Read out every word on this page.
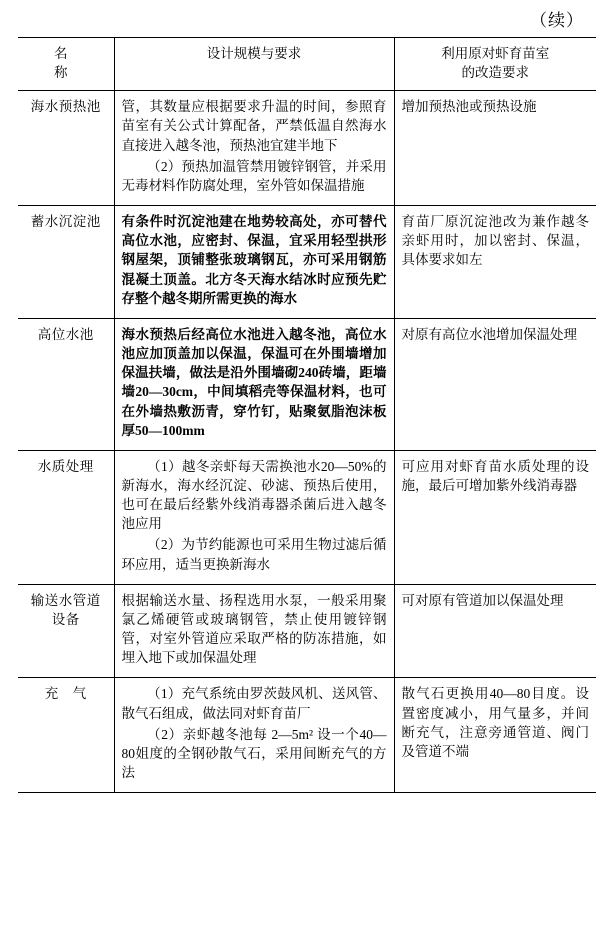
（续）
名　　称	设计规模与要求	利用原对虾育苗室
的改造要求

海水预热池	管，其数量应根据要求升温的时间，参照育苗室有关公式计算配备，严禁低温自然海水直接进入越冬池，预热池宜建半地下

（2）预热加温管禁用镀锌钢管，并采用无毒材料作防腐处理，室外管如保温措施	增加预热池或预热设施
蓄水沉淀池	有条件时沉淀池建在地势较高处，亦可替代高位水池，应密封、保温，宜采用轻型拱形钢屋架，顶铺整张玻璃钢瓦，亦可采用钢筋混凝土顶盖。北方冬天海水结冰时应预先贮存整个越冬期所需更换的海水	育苗厂原沉淀池改为兼作越冬亲虾用时，加以密封、保温，具体要求如左
高位水池	海水预热后经高位水池进入越冬池，高位水池应加顶盖加以保温，保温可在外围墙增加保温扶墙，做法是沿外围墙砌240砖墙，距墙墙20—30cm，中间填稻壳等保温材料，也可在外墙热敷沥青，穿竹钉，贴聚氨脂泡沫板厚50—100mm	对原有高位水池增加保温处理
水质处理	（1）越冬亲虾每天需换池水20—50%的新海水，海水经沉淀、砂滤、预热后使用，也可在最后经紫外线消毒器杀菌后进入越冬池应用

（2）为节约能源也可采用生物过滤后循环应用，适当更换新海水	可应用对虾育苗水质处理的设施，最后可增加紫外线消毒器
输送水管道设备	根据输送水量、扬程选用水泵，一般采用聚氯乙烯硬管或玻璃钢管，禁止使用镀锌钢管，对室外管道应采取严格的防冻措施，如埋入地下或加保温处理	可对原有管道加以保温处理
充　气	（1）充气系统由罗茨鼓风机、送风管、散气石组成，做法同对虾育苗厂

（2）亲虾越冬池每 2—5m² 设一个40—80姐度的全钢砂散气石，采用间断充气的方法	散气石更换用40—80目度。设置密度减小，用气量多，并间断充气，注意旁通管道、阀门及管道不端
